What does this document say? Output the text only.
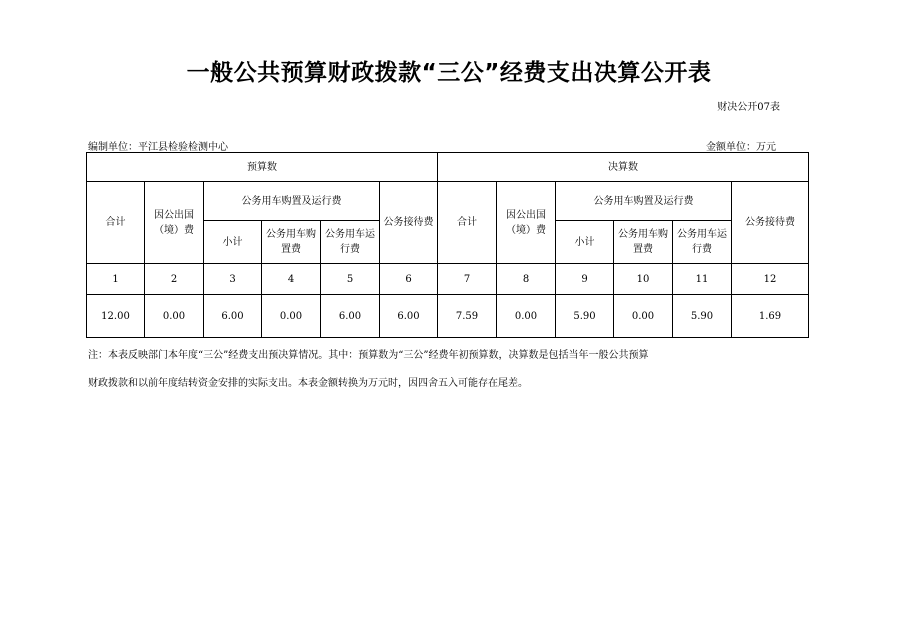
一般公共预算财政拨款“三公”经费支出决算公开表
财决公开07表
编制单位：平江县检验检测中心	金额单位：万元
预算数						决算数					
合计	因公出国（境）费	公务用车购置及运行费			公务接待费	合计	因公出国（境）费	公务用车购置及运行费			公务接待费
		小计	公务用车购置费	公务用车运行费				小计	公务用车购置费	公务用车运行费	
1	2	3	4	5	6	7	8	9	10	11	12
12.00	0.00	6.00	0.00	6.00	6.00	7.59	0.00	5.90	0.00	5.90	1.69
注：本表反映部门本年度“三公”经费支出预决算情况。其中：预算数为“三公”经费年初预算数，决算数是包括当年一般公共预算
财政拨款和以前年度结转资金安排的实际支出。本表金额转换为万元时，因四舍五入可能存在尾差。
